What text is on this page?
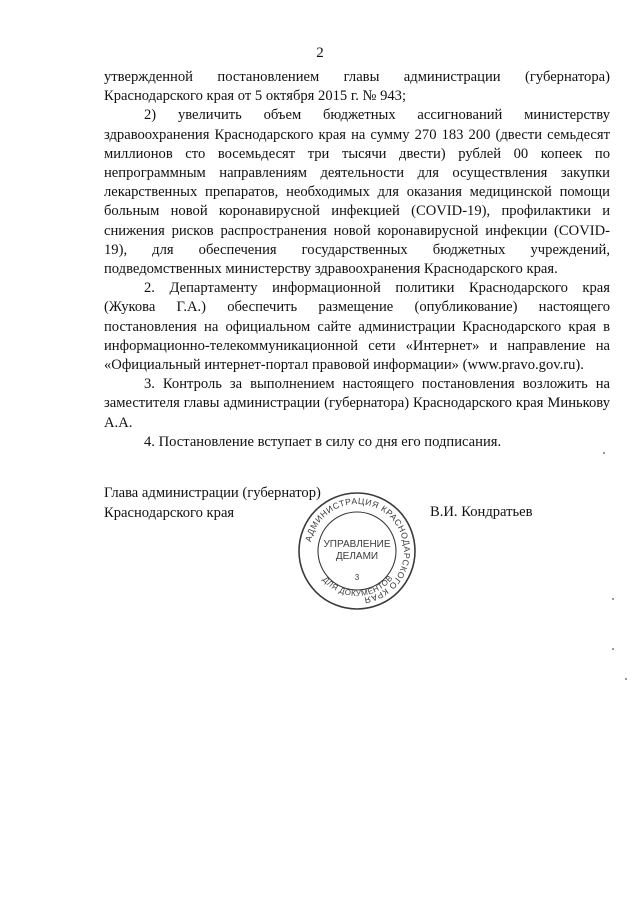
2

утвержденной постановлением главы администрации (губернатора) Краснодарского края от 5 октября 2015 г. № 943;

2) увеличить объем бюджетных ассигнований министерству здравоохранения Краснодарского края на сумму 270 183 200 (двести семьдесят миллионов сто восемьдесят три тысячи двести) рублей 00 копеек по непрограммным направлениям деятельности для осуществления закупки лекарственных препаратов, необходимых для оказания медицинской помощи больным новой коронавирусной инфекцией (COVID-19), профилактики и снижения рисков распространения новой коронавирусной инфекции (COVID-19), для обеспечения государственных бюджетных учреждений, подведомственных министерству здравоохранения Краснодарского края.

2. Департаменту информационной политики Краснодарского края (Жукова Г.А.) обеспечить размещение (опубликование) настоящего постановления на официальном сайте администрации Краснодарского края в информационно-телекоммуникационной сети «Интернет» и направление на «Официальный интернет-портал правовой информации» (www.pravo.gov.ru).

3. Контроль за выполнением настоящего постановления возложить на заместителя главы администрации (губернатора) Краснодарского края Минькову А.А.

4. Постановление вступает в силу со дня его подписания.

Глава администрации (губернатор)
Краснодарского края	В.И. Кондратьев
АДМИНИСТРАЦИЯ КРАСНОДАРСКОГО КРАЯ
ДЛЯ ДОКУМЕНТОВ
УПРАВЛЕНИЕ
ДЕЛАМИ
3
